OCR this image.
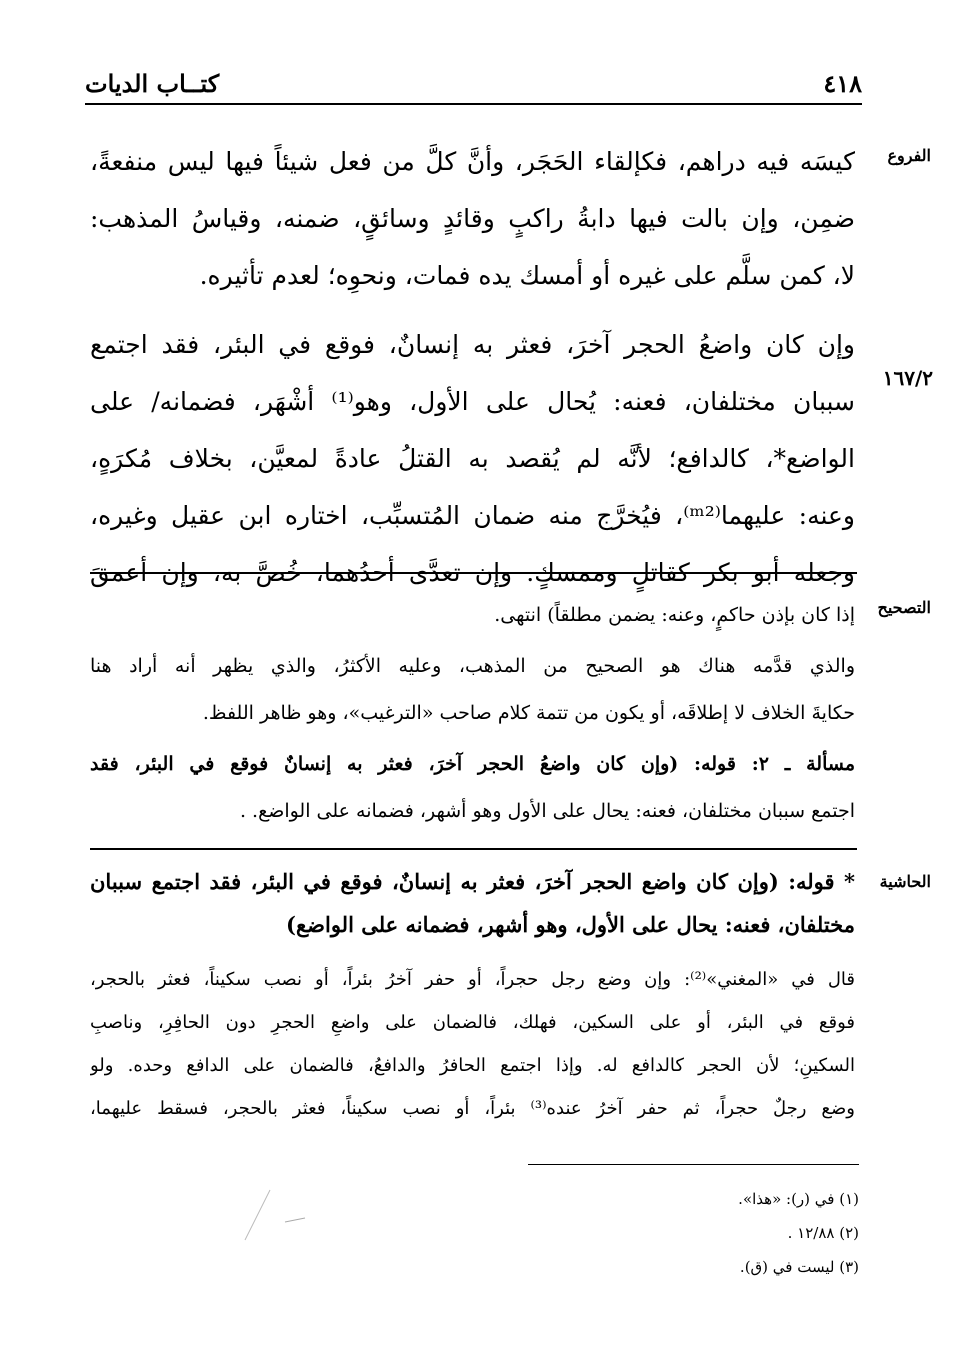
٤١٨
كتــاب الديات
الفروع
١٦٧/٢
التصحيح
الحاشية
كيسَه فيه دراهم، فكإلقاء الحَجَر، وأنَّ كلَّ من فعل شيئاً فيها ليس منفعةً،
ضمِن، وإن بالت فيها دابةُ راكبٍ وقائدٍ وسائقٍ، ضمنه، وقياسُ المذهب:
لا، كمن سلَّم على غيره أو أمسك يده فمات، ونحوِه؛ لعدم تأثيره.
وإن كان واضعُ الحجر آخرَ، فعثر به إنسانٌ، فوقع في البئر، فقد اجتمع
سببان مختلفان، فعنه: يُحال على الأول، وهو⁽¹⁾ أشْهَر، فضمانه/ على
الواضع*، كالدافع؛ لأنَّه لم يُقصد به القتلُ عادةً لمعيَّن، بخلاف مُكرَهٍ،
وعنه: عليهما⁽ᵐ²⁾، فيُخرَّج منه ضمان المُتسبِّب، اختاره ابن عقيل وغيره،
وجعله أبو بكر كقاتلٍ وممسكٍ. وإن تعدَّى أحدُهما، خُصَّ به، وإن أعمقَ
إذا كان بإذن حاكمٍ، وعنه: يضمن مطلقاً) انتهى.
والذي قدَّمه هناك هو الصحيح من المذهب، وعليه الأكثرُ، والذي يظهر أنه أراد هنا
حكايةَ الخلاف لا إطلاقَه، أو يكون من تتمة كلام صاحب «الترغيب»، وهو ظاهر اللفظ.
مسألة ـ ٢: قوله: (وإن كان واضعُ الحجر آخرَ، فعثر به إنسانٌ فوقع في البئر، فقد
اجتمع سببان مختلفان، فعنه: يحال على الأول وهو أشهر، فضمانه على الواضع. .
* قوله: (وإن كان واضع الحجر آخرَ، فعثر به إنسانٌ، فوقع في البئر، فقد اجتمع سببان
مختلفان، فعنه: يحال على الأول، وهو أشهر، فضمانه على الواضع)
قال في «المغني»⁽²⁾: وإن وضع رجل حجراً، أو حفر آخرُ بئراً، أو نصب سكيناً، فعثر بالحجر،
فوقع في البئر، أو على السكين، فهلك، فالضمان على واضعِ الحجرِ دون الحافِرِ، وناصبِ
السكينِ؛ لأن الحجر كالدافع له. وإذا اجتمع الحافرُ والدافعُ، فالضمان على الدافع وحده. ولو
وضع رجلٌ حجراً، ثم حفر آخرُ عنده⁽³⁾ بئراً، أو نصب سكيناً، فعثر بالحجر، فسقط عليهما،
(١) في (ر): «هذا».
(٢) ١٢/٨٨ .
(٣) ليست في (ق).
